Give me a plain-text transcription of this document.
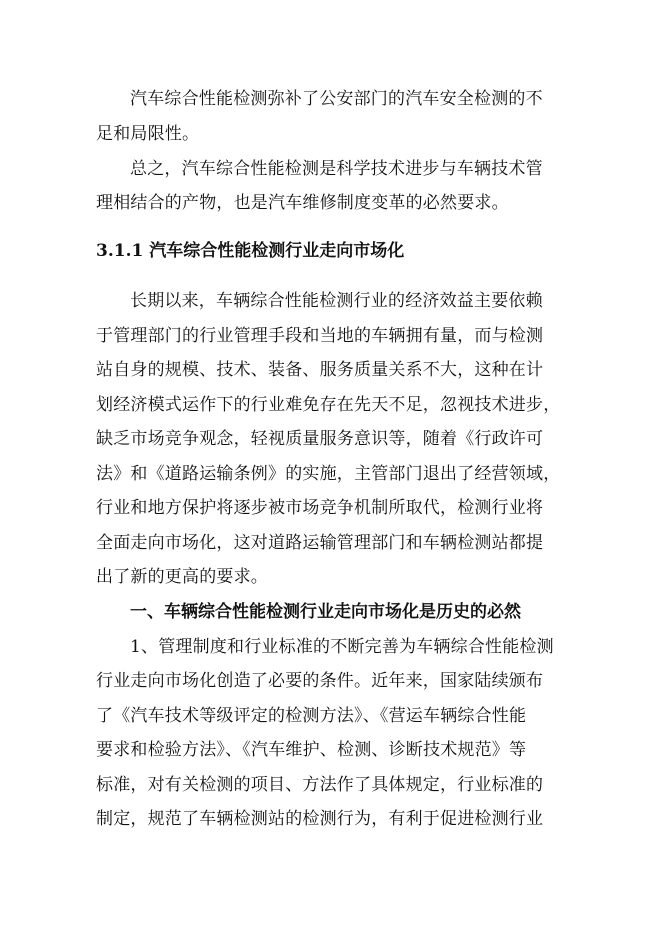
汽车综合性能检测弥补了公安部门的汽车安全检测的不
足和局限性。
总之，汽车综合性能检测是科学技术进步与车辆技术管
理相结合的产物，也是汽车维修制度变革的必然要求。
3.1.1 汽车综合性能检测行业走向市场化
长期以来，车辆综合性能检测行业的经济效益主要依赖
于管理部门的行业管理手段和当地的车辆拥有量，而与检测
站自身的规模、技术、装备、服务质量关系不大，这种在计
划经济模式运作下的行业难免存在先天不足，忽视技术进步，
缺乏市场竞争观念，轻视质量服务意识等，随着《行政许可
法》和《道路运输条例》的实施，主管部门退出了经营领域，
行业和地方保护将逐步被市场竞争机制所取代，检测行业将
全面走向市场化，这对道路运输管理部门和车辆检测站都提
出了新的更高的要求。
一、车辆综合性能检测行业走向市场化是历史的必然
1、管理制度和行业标准的不断完善为车辆综合性能检测
行业走向市场化创造了必要的条件。近年来，国家陆续颁布
了《汽车技术等级评定的检测方法》、《营运车辆综合性能
要求和检验方法》、《汽车维护、检测、诊断技术规范》等
标准，对有关检测的项目、方法作了具体规定，行业标准的
制定，规范了车辆检测站的检测行为，有利于促进检测行业
